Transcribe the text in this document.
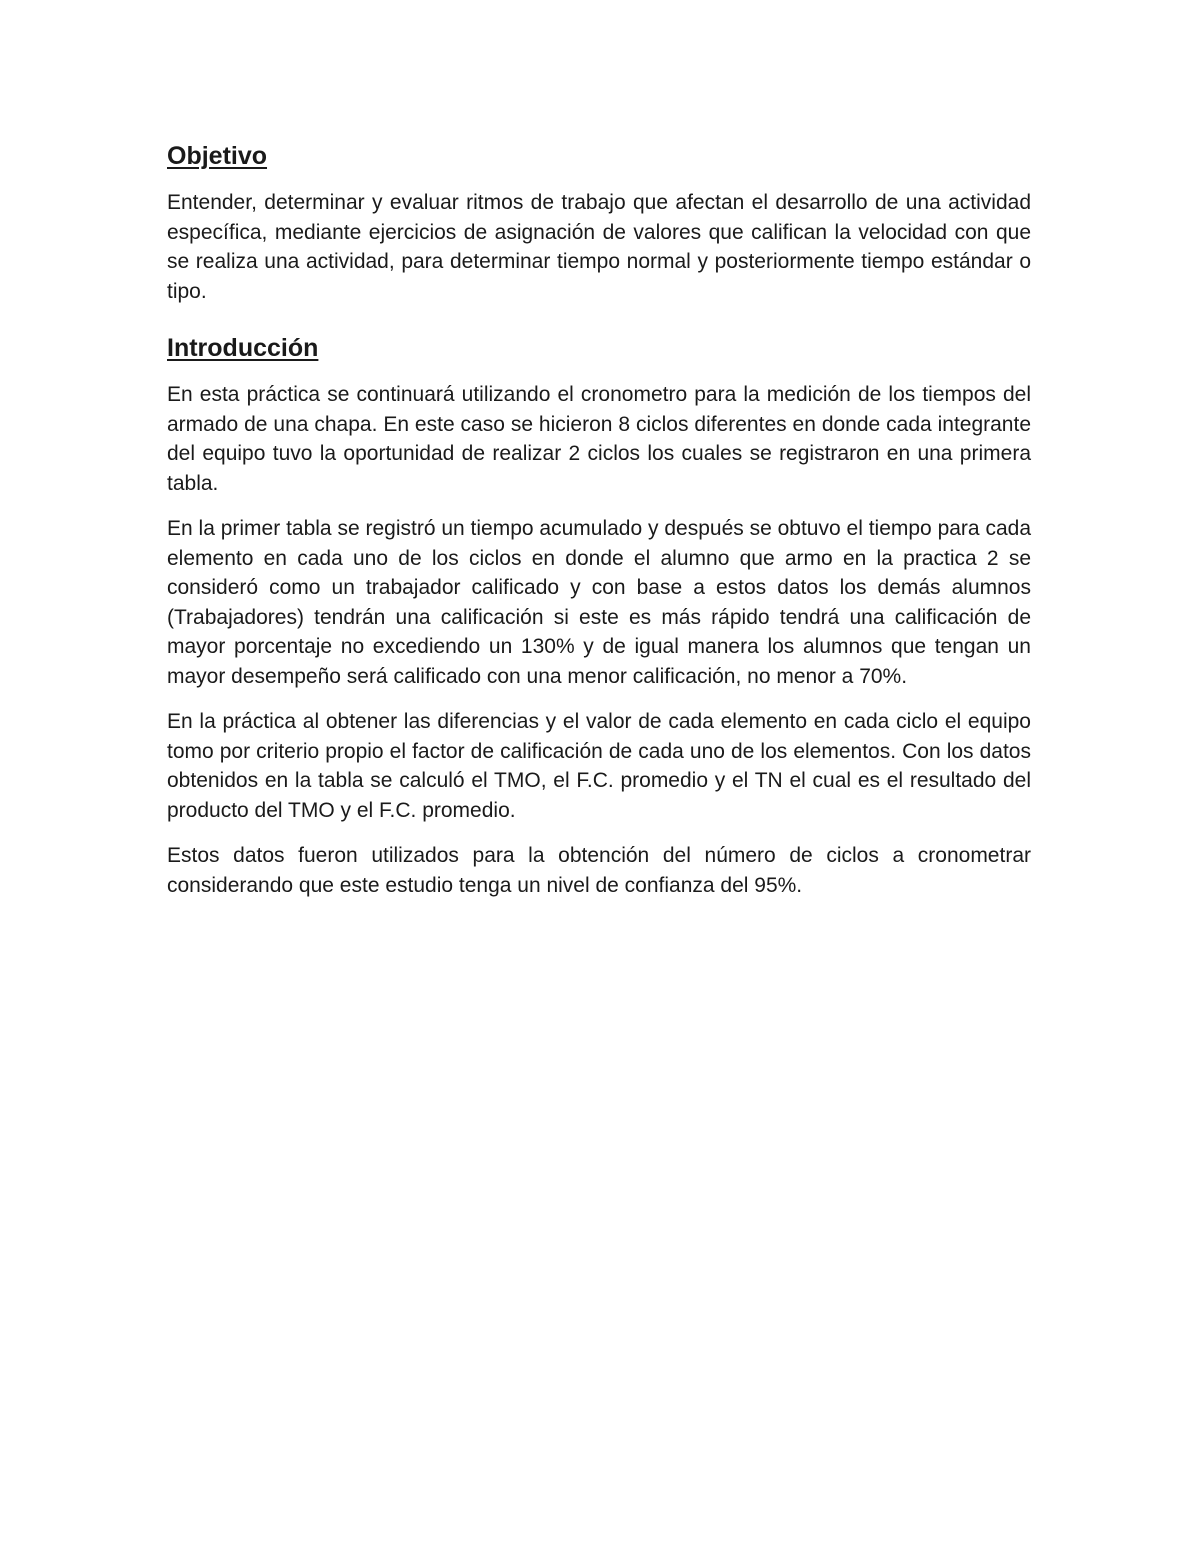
Objetivo

Entender, determinar y evaluar ritmos de trabajo que afectan el desarrollo de una actividad específica, mediante ejercicios de asignación de valores que califican la velocidad con que se realiza una actividad, para determinar tiempo normal y posteriormente tiempo estándar o tipo.

Introducción

En esta práctica se continuará utilizando el cronometro para la medición de los tiempos del armado de una chapa. En este caso se hicieron 8 ciclos diferentes en donde cada integrante del equipo tuvo la oportunidad de realizar 2 ciclos los cuales se registraron en una primera tabla.

En la primer tabla se registró un tiempo acumulado y después se obtuvo el tiempo para cada elemento en cada uno de los ciclos en donde el alumno que armo en la practica 2 se consideró como un trabajador calificado y con base a estos datos los demás alumnos (Trabajadores) tendrán una calificación si este es más rápido tendrá una calificación de mayor porcentaje no excediendo un 130% y de igual manera los alumnos que tengan un mayor desempeño será calificado con una menor calificación, no menor a 70%.

En la práctica al obtener las diferencias y el valor de cada elemento en cada ciclo el equipo tomo por criterio propio el factor de calificación de cada uno de los elementos. Con los datos obtenidos en la tabla se calculó el TMO, el F.C. promedio y el TN el cual es el resultado del producto del TMO y el F.C. promedio.

Estos datos fueron utilizados para la obtención del número de ciclos a cronometrar considerando que este estudio tenga un nivel de confianza del 95%.
